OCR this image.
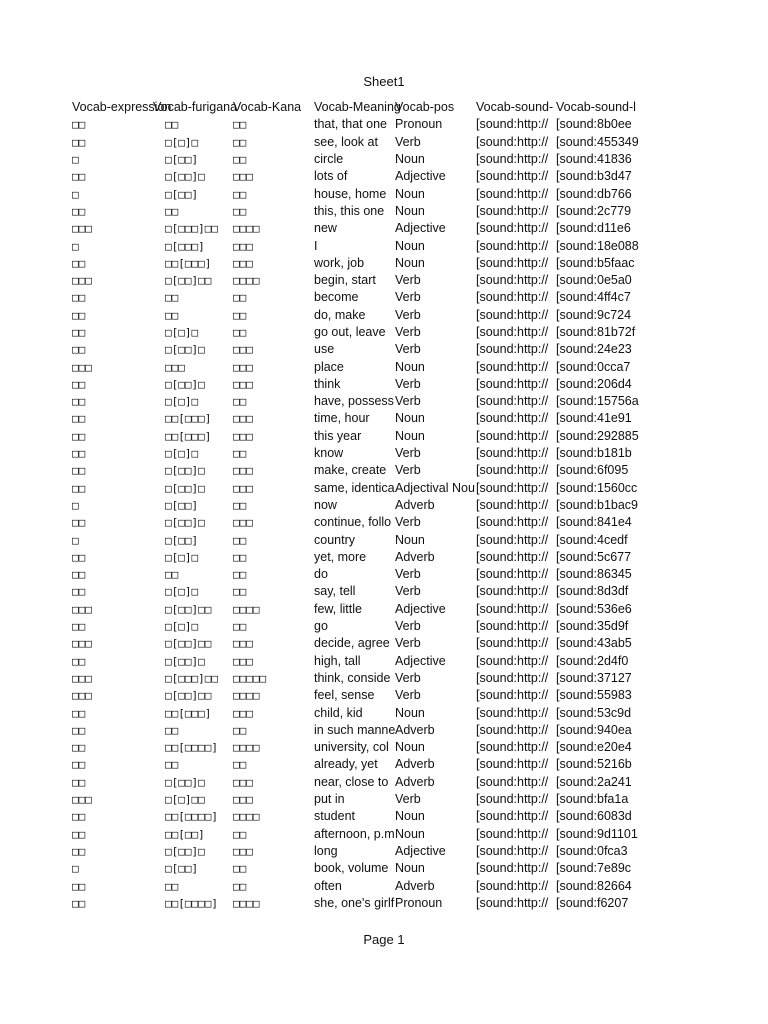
Sheet1
Vocab-expression	Vocab-furigana	Vocab-Kana	Vocab-Meaning	Vocab-pos	Vocab-sound-	Vocab-sound-l
□□	□□	□□	that, that one	Pronoun	[sound:http://	[sound:8b0ee
□□	□[□]□	□□	see, look at	Verb	[sound:http://	[sound:455349
□	□[□□]	□□	circle	Noun	[sound:http://	[sound:41836
□□	□[□□]□	□□□	lots of	Adjective	[sound:http://	[sound:b3d47
□	□[□□]	□□	house, home	Noun	[sound:http://	[sound:db766
□□	□□	□□	this, this one	Noun	[sound:http://	[sound:2c779
□□□	□[□□□]□□	□□□□	new	Adjective	[sound:http://	[sound:d11e6
□	□[□□□]	□□□	I	Noun	[sound:http://	[sound:18e088
□□	□□[□□□]	□□□	work, job	Noun	[sound:http://	[sound:b5faac
□□□	□[□□]□□	□□□□	begin, start	Verb	[sound:http://	[sound:0e5a0
□□	□□	□□	become	Verb	[sound:http://	[sound:4ff4c7
□□	□□	□□	do, make	Verb	[sound:http://	[sound:9c724
□□	□[□]□	□□	go out, leave	Verb	[sound:http://	[sound:81b72f
□□	□[□□]□	□□□	use	Verb	[sound:http://	[sound:24e23
□□□	□□□	□□□	place	Noun	[sound:http://	[sound:0cca7
□□	□[□□]□	□□□	think	Verb	[sound:http://	[sound:206d4
□□	□[□]□	□□	have, possess	Verb	[sound:http://	[sound:15756a
□□	□□[□□□]	□□□	time, hour	Noun	[sound:http://	[sound:41e91
□□	□□[□□□]	□□□	this year	Noun	[sound:http://	[sound:292885
□□	□[□]□	□□	know	Verb	[sound:http://	[sound:b181b
□□	□[□□]□	□□□	make, create	Verb	[sound:http://	[sound:6f095
□□	□[□□]□	□□□	same, identica	Adjectival Nou	[sound:http://	[sound:1560cc
□	□[□□]	□□	now	Adverb	[sound:http://	[sound:b1bac9
□□	□[□□]□	□□□	continue, follo	Verb	[sound:http://	[sound:841e4
□	□[□□]	□□	country	Noun	[sound:http://	[sound:4cedf
□□	□[□]□	□□	yet, more	Adverb	[sound:http://	[sound:5c677
□□	□□	□□	do	Verb	[sound:http://	[sound:86345
□□	□[□]□	□□	say, tell	Verb	[sound:http://	[sound:8d3df
□□□	□[□□]□□	□□□□	few, little	Adjective	[sound:http://	[sound:536e6
□□	□[□]□	□□	go	Verb	[sound:http://	[sound:35d9f
□□□	□[□□]□□	□□□	decide, agree	Verb	[sound:http://	[sound:43ab5
□□	□[□□]□	□□□	high, tall	Adjective	[sound:http://	[sound:2d4f0
□□□	□[□□□]□□	□□□□□	think, conside	Verb	[sound:http://	[sound:37127
□□□	□[□□]□□	□□□□	feel, sense	Verb	[sound:http://	[sound:55983
□□	□□[□□□]	□□□	child, kid	Noun	[sound:http://	[sound:53c9d
□□	□□	□□	in such manne	Adverb	[sound:http://	[sound:940ea
□□	□□[□□□□]	□□□□	university, col	Noun	[sound:http://	[sound:e20e4
□□	□□	□□	already, yet	Adverb	[sound:http://	[sound:5216b
□□	□[□□]□	□□□	near, close to	Adverb	[sound:http://	[sound:2a241
□□□	□[□]□□	□□□	put in	Verb	[sound:http://	[sound:bfa1a
□□	□□[□□□□]	□□□□	student	Noun	[sound:http://	[sound:6083d
□□	□□[□□]	□□	afternoon, p.m	Noun	[sound:http://	[sound:9d1101
□□	□[□□]□	□□□	long	Adjective	[sound:http://	[sound:0fca3
□	□[□□]	□□	book, volume	Noun	[sound:http://	[sound:7e89c
□□	□□	□□	often	Adverb	[sound:http://	[sound:82664
□□	□□[□□□□]	□□□□	she, one's girlf	Pronoun	[sound:http://	[sound:f6207
Page 1
